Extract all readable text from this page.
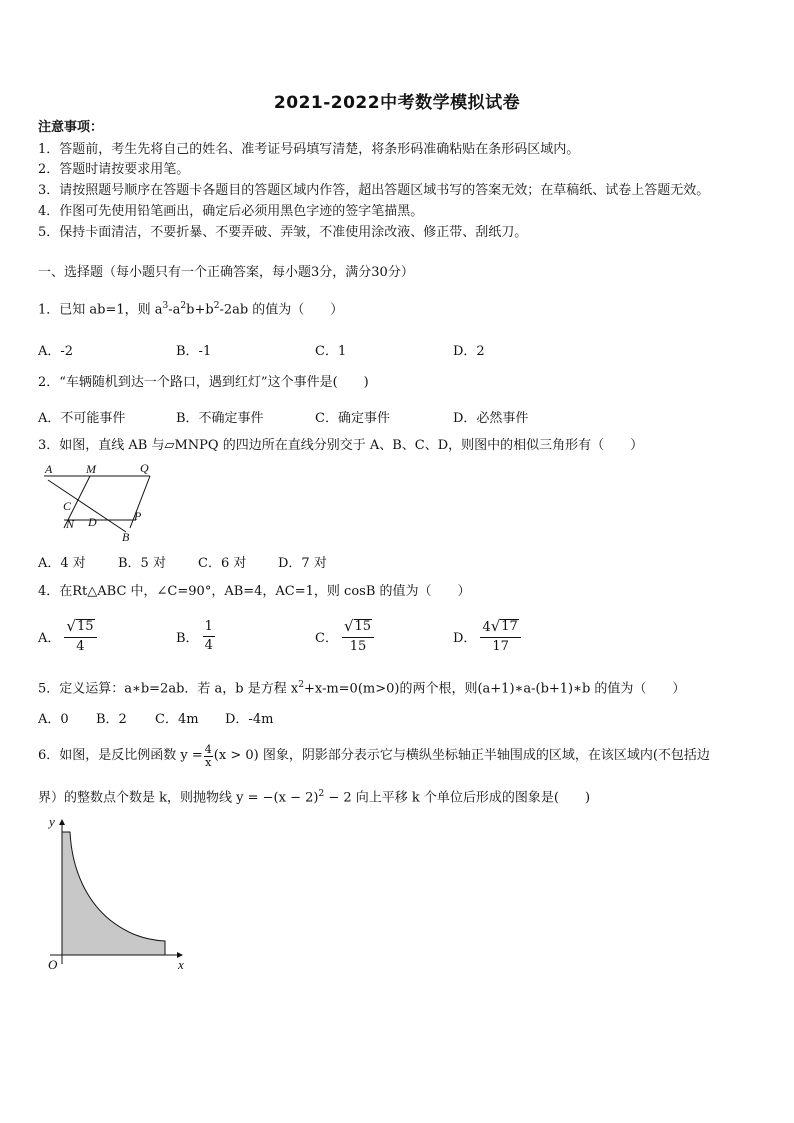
2021-2022中考数学模拟试卷
注意事项：
1．答题前，考生先将自己的姓名、准考证号码填写清楚，将条形码准确粘贴在条形码区域内。
2．答题时请按要求用笔。
3．请按照题号顺序在答题卡各题目的答题区域内作答，超出答题区域书写的答案无效；在草稿纸、试卷上答题无效。
4．作图可先使用铅笔画出，确定后必须用黑色字迹的签字笔描黑。
5．保持卡面清洁，不要折暴、不要弄破、弄皱，不准使用涂改液、修正带、刮纸刀。
一、选择题（每小题只有一个正确答案，每小题3分，满分30分）
1．已知 ab=1，则 $a^3-a^2b+b^2-2ab$ 的值为（　　）
A．-2	B．-1	C．1	D．2
2．“车辆随机到达一个路口，遇到红灯”这个事件是(　　)
A．不可能事件	B．不确定事件	C．确定事件	D．必然事件
3．如图，直线 AB 与▱MNPQ 的四边所在直线分别交于 A、B、C、D，则图中的相似三角形有（　　）
A	M	Q
C
N D	P
B
A．4 对 B．5 对 C．6 对 D．7 对
4．在Rt△ABC 中，∠C=90°，AB=4，AC=1，则 cosB 的值为（　　）
A． $\frac{√ 15}{4}$	B． $\frac{1}{4}$	C． $\frac{√ 15}{15}$	D． $\frac{4 √ 17}{17}$
5．定义运算：a∗b=2ab．若 a，b 是方程 $x^2+x-m=0(m>0)$的两个根，则(a+1)∗a-(b+1)∗b 的值为（　　）
A．0 B．2 C．4m D．-4m
6．如图，是反比例函数 $y = \frac{4}{x} (x > 0)$ 图象，阴影部分表示它与横纵坐标轴正半轴围成的区域，在该区域内(不包括边
界）的整数点个数是 k，则抛物线 $y = -(x - 2)^2 - 2$ 向上平移 k 个单位后形成的图象是(　　)
y
x
O
